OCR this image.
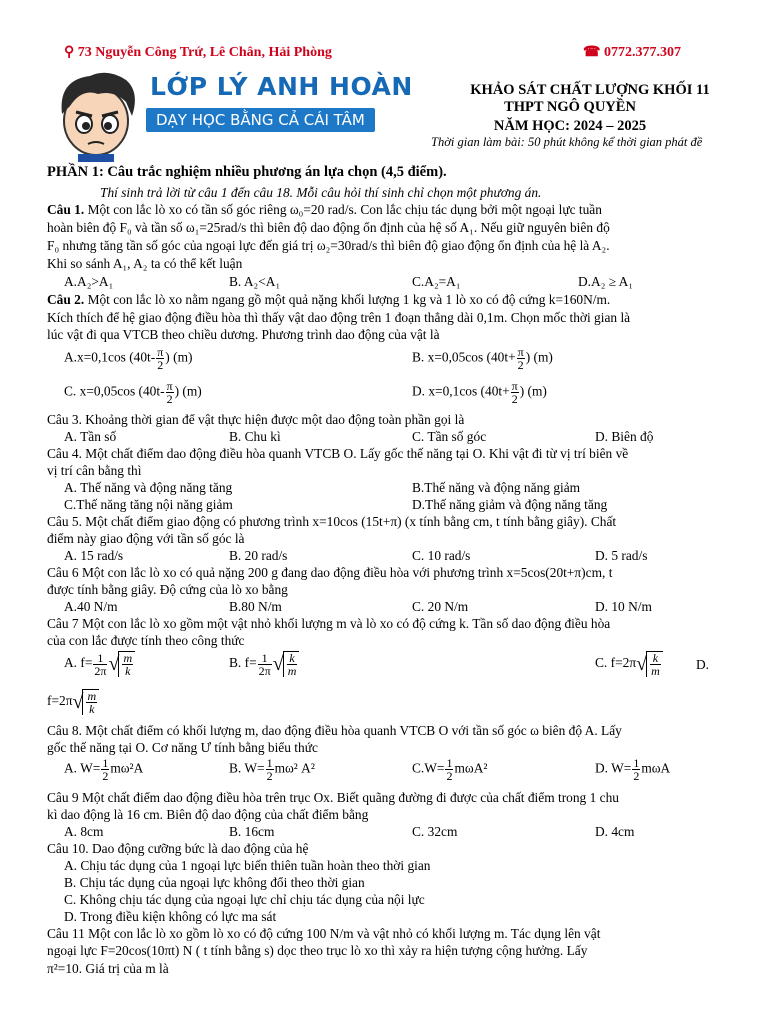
⚲ 73 Nguyễn Công Trứ, Lê Chân, Hải Phòng	☎ 0772.377.307
LỚP LÝ ANH HOÀN
DẠY HỌC BẰNG CẢ CÁI TÂM
KHẢO SÁT CHẤT LƯỢNG KHỐI 11
THPT NGÔ QUYỀN
NĂM HỌC: 2024 – 2025
Thời gian làm bài: 50 phút không kể thời gian phát đề
PHẦN 1: Câu trắc nghiệm nhiều phương án lựa chọn (4,5 điểm).
Thí sinh trả lời từ câu 1 đến câu 18. Mỗi câu hỏi thí sinh chỉ chọn một phương án.
Câu 1. Một con lắc lò xo có tần số góc riêng ω₀=20 rad/s. Con lắc chịu tác dụng bởi một ngoại lực tuần
hoàn biên độ F₀ và tần số ω₁=25rad/s thì biên độ dao động ổn định của hệ số A₁. Nếu giữ nguyên biên độ
F₀ nhưng tăng tần số góc của ngoại lực đến giá trị ω₂=30rad/s thì biên độ giao động ổn định của hệ là A₂.
Khi so sánh A₁, A₂ ta có thể kết luận
A.A₂>A₁	B. A₂<A₁	C.A₂=A₁	D.A₂ ≥ A₁
Câu 2. Một con lắc lò xo nằm ngang gồ một quả nặng khối lượng 1 kg và 1 lò xo có độ cứng k=160N/m.
Kích thích để hệ giao động điều hòa thì thấy vật dao động trên 1 đoạn thẳng dài 0,1m. Chọn mốc thời gian là
lúc vật đi qua VTCB theo chiều dương. Phương trình dao động của vật là
A.x=0,1cos ($40t- \frac{\pi}{2}$ ) (m)	B. x=0,05cos ($40t+ \frac{\pi}{2}$ ) (m)
C. x=0,05cos ($40t- \frac{\pi}{2}$ ) (m)	D. x=0,1cos ($40t+ \frac{\pi}{2}$ ) (m)
Câu 3. Khoảng thời gian để vật thực hiện được một dao động toàn phần gọi là
A. Tần số	B. Chu kì	C. Tần số góc	D. Biên độ
Câu 4. Một chất điểm dao động điều hòa quanh VTCB O. Lấy gốc thế năng tại O. Khi vật đi từ vị trí biên về
vị trí cân bằng thì
A. Thế năng và động năng tăng	B.Thế năng và động năng giảm
C.Thế năng tăng nội năng giảm	D.Thế năng giảm và động năng tăng
Câu 5. Một chất điểm giao động có phương trình x=10cos (15t+π) (x tính bằng cm, t tính bằng giây). Chất
điểm này giao động với tần số góc là
A. 15 rad/s	B. 20 rad/s	C. 10 rad/s	D. 5 rad/s
Câu 6 Một con lắc lò xo có quả nặng 200 g đang dao động điều hòa với phương trình x=5cos(20t+π)cm, t
được tính bằng giây. Độ cứng của lò xo bằng
A.40 N/m	B.80 N/m	C. 20 N/m	D. 10 N/m
Câu 7 Một con lắc lò xo gồm một vật nhỏ khối lượng m và lò xo có độ cứng k. Tần số dao động điều hòa
của con lắc được tính theo công thức
A. $f= \frac{1}{2\pi}$ √ $\frac{m}{k}$	B. $f= \frac{1}{2\pi}$ √ $\frac{k}{m}$	C. $f=2\pi√ \frac{k}{m} D$.
$f=2\pi√ \frac{m}{k}$
Câu 8. Một chất điểm có khối lượng m, dao động điều hòa quanh VTCB O với tần số góc ω biên độ A. Lấy
gốc thế năng tại O. Cơ năng Ư tính bằng biểu thức
A. $W= \frac{1}{2} m\omega^2A$	B. $W= \frac{1}{2} m\omega^2$ A²	$C.W= \frac{1}{2} m\omega A^2$	D. $W= \frac{1}{2}$ mωA
Câu 9 Một chất điểm dao động điều hòa trên trục Ox. Biết quãng đường đi được của chất điểm trong 1 chu
kì dao động là 16 cm. Biên độ dao động của chất điểm bằng
A. 8cm	B. 16cm	C. 32cm	D. 4cm
Câu 10. Dao động cưỡng bức là dao động của hệ
A. Chịu tác dụng của 1 ngoại lực biến thiên tuần hoàn theo thời gian
B. Chịu tác dụng của ngoại lực không đổi theo thời gian
C. Không chịu tác dụng của ngoại lực chỉ chịu tác dụng của nội lực
D. Trong điều kiện không có lực ma sát
Câu 11 Một con lắc lò xo gồm lò xo có độ cứng 100 N/m và vật nhỏ có khối lượng m. Tác dụng lên vật
ngoại lực F=20cos(10πt) N ( t tính bằng s) dọc theo trục lò xo thì xảy ra hiện tượng cộng hưởng. Lấy
π²=10. Giá trị của m là
